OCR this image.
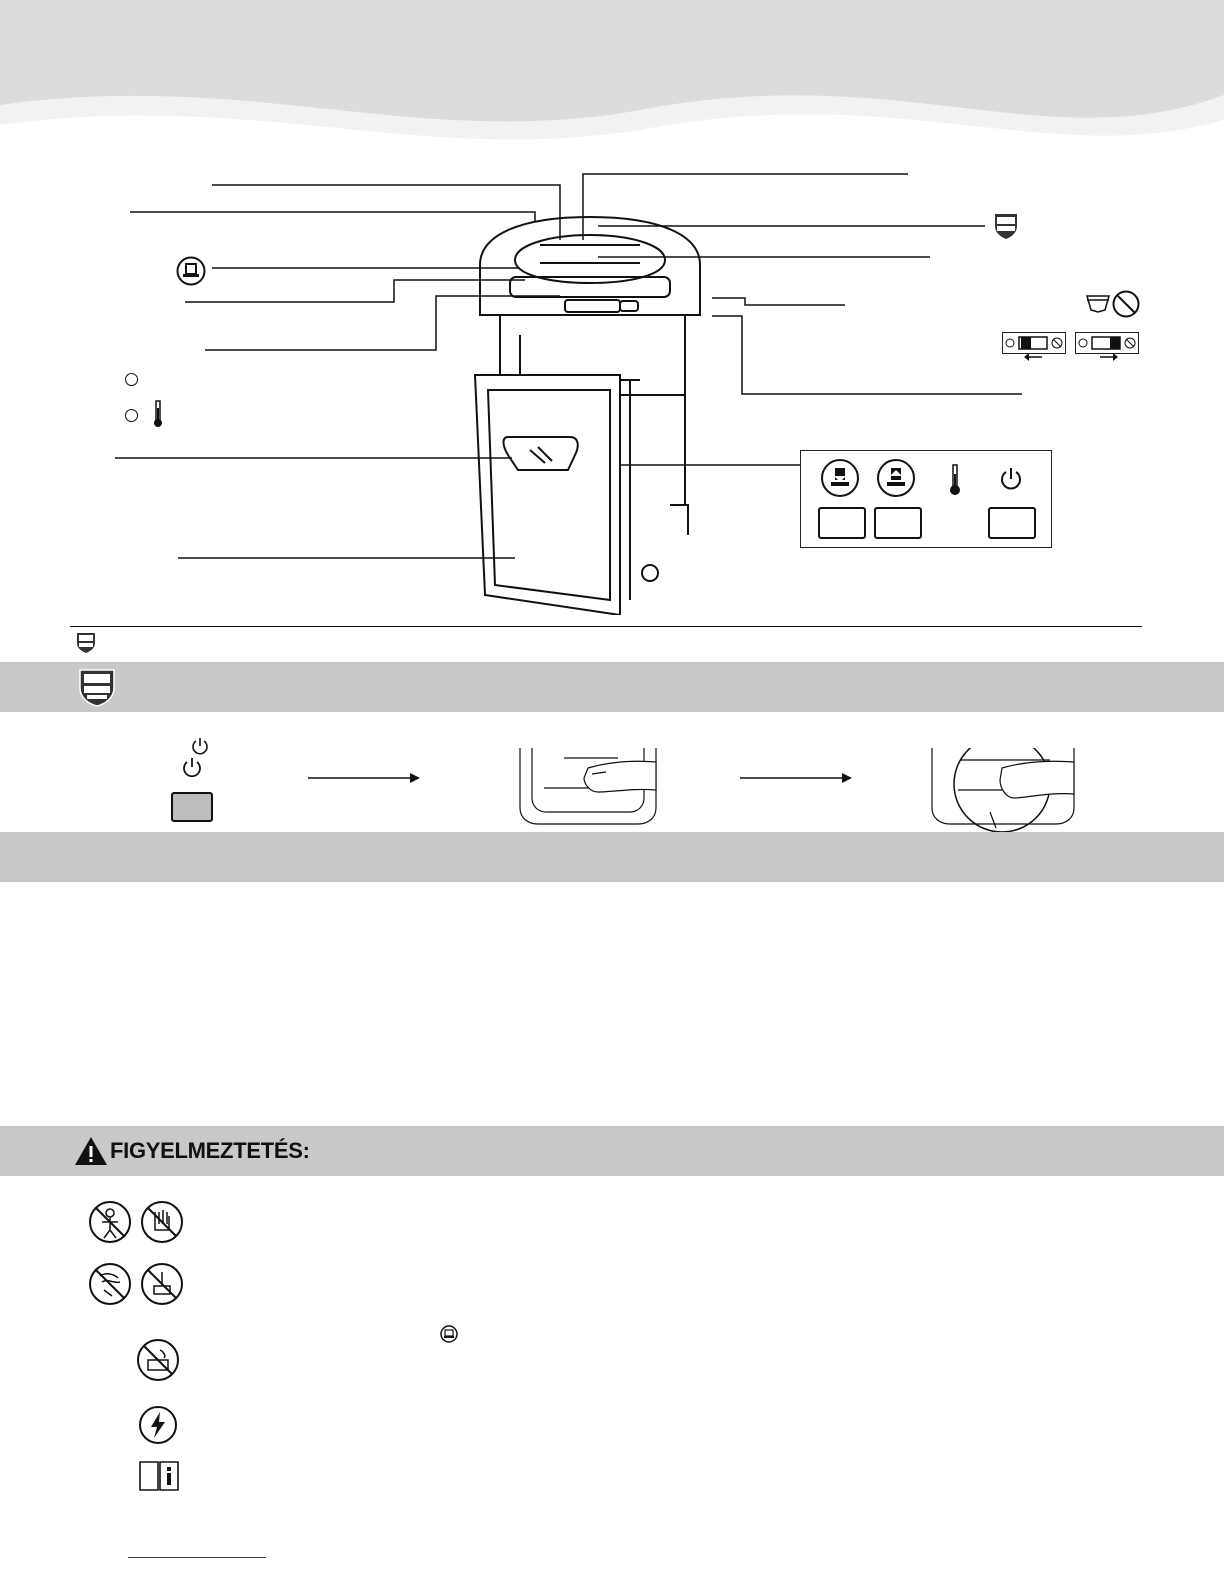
FIGYELMEZTETÉS:
